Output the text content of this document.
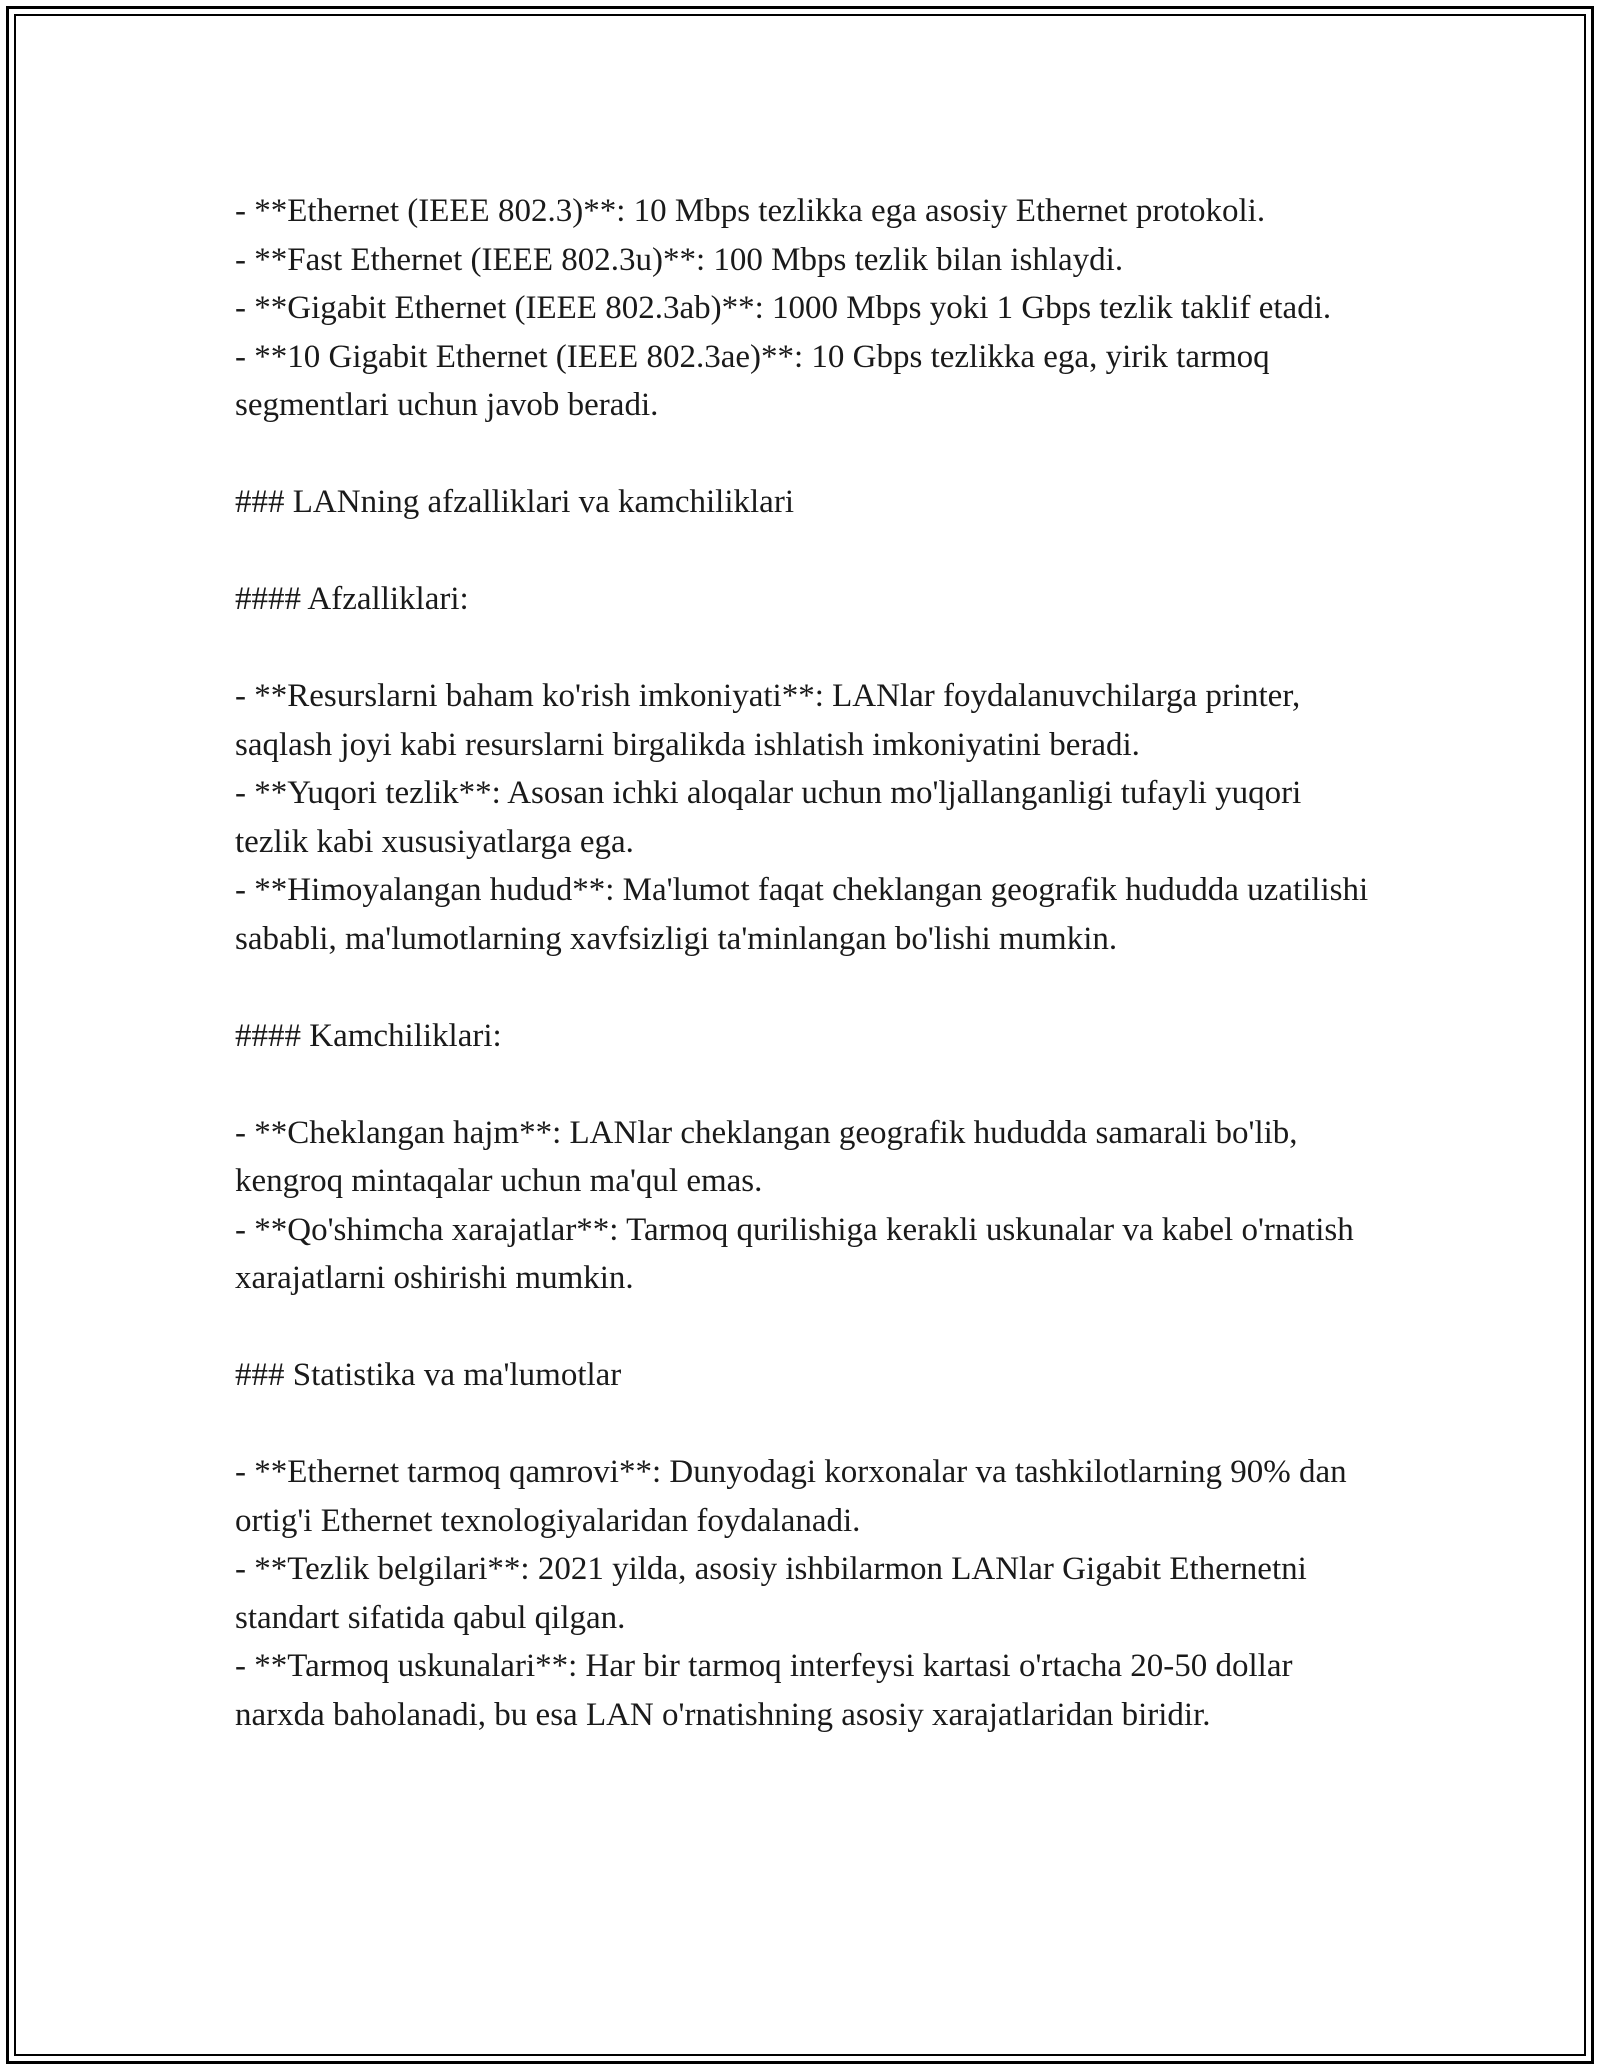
- **Ethernet (IEEE 802.3)**: 10 Mbps tezlikka ega asosiy Ethernet protokoli.

- **Fast Ethernet (IEEE 802.3u)**: 100 Mbps tezlik bilan ishlaydi.

- **Gigabit Ethernet (IEEE 802.3ab)**: 1000 Mbps yoki 1 Gbps tezlik taklif etadi.

- **10 Gigabit Ethernet (IEEE 802.3ae)**: 10 Gbps tezlikka ega, yirik tarmoq segmentlari uchun javob beradi.

### LANning afzalliklari va kamchiliklari

#### Afzalliklari:

- **Resurslarni baham ko'rish imkoniyati**: LANlar foydalanuvchilarga printer, saqlash joyi kabi resurslarni birgalikda ishlatish imkoniyatini beradi.

- **Yuqori tezlik**: Asosan ichki aloqalar uchun mo'ljallanganligi tufayli yuqori tezlik kabi xususiyatlarga ega.

- **Himoyalangan hudud**: Ma'lumot faqat cheklangan geografik hududda uzatilishi sababli, ma'lumotlarning xavfsizligi ta'minlangan bo'lishi mumkin.

#### Kamchiliklari:

- **Cheklangan hajm**: LANlar cheklangan geografik hududda samarali bo'lib, kengroq mintaqalar uchun ma'qul emas.

- **Qo'shimcha xarajatlar**: Tarmoq qurilishiga kerakli uskunalar va kabel o'rnatish xarajatlarni oshirishi mumkin.

### Statistika va ma'lumotlar

- **Ethernet tarmoq qamrovi**: Dunyodagi korxonalar va tashkilotlarning 90% dan ortig'i Ethernet texnologiyalaridan foydalanadi.

- **Tezlik belgilari**: 2021 yilda, asosiy ishbilarmon LANlar Gigabit Ethernetni standart sifatida qabul qilgan.

- **Tarmoq uskunalari**: Har bir tarmoq interfeysi kartasi o'rtacha 20-50 dollar narxda baholanadi, bu esa LAN o'rnatishning asosiy xarajatlaridan biridir.
